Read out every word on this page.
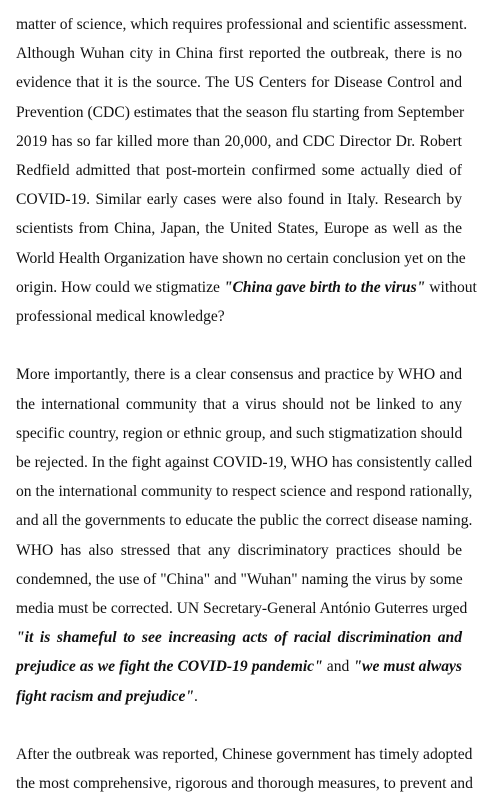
matter of science, which requires professional and scientific assessment.
Although Wuhan city in China first reported the outbreak, there is no
evidence that it is the source. The US Centers for Disease Control and
Prevention (CDC) estimates that the season flu starting from September
2019 has so far killed more than 20,000, and CDC Director Dr. Robert
Redfield admitted that post-mortein confirmed some actually died of
COVID-19. Similar early cases were also found in Italy. Research by
scientists from China, Japan, the United States, Europe as well as the
World Health Organization have shown no certain conclusion yet on the
origin. How could we stigmatize "China gave birth to the virus" without
professional medical knowledge?
More importantly, there is a clear consensus and practice by WHO and
the international community that a virus should not be linked to any
specific country, region or ethnic group, and such stigmatization should
be rejected. In the fight against COVID-19, WHO has consistently called
on the international community to respect science and respond rationally,
and all the governments to educate the public the correct disease naming.
WHO has also stressed that any discriminatory practices should be
condemned, the use of "China" and "Wuhan" naming the virus by some
media must be corrected. UN Secretary-General António Guterres urged
"it is shameful to see increasing acts of racial discrimination and
prejudice as we fight the COVID-19 pandemic" and "we must always
fight racism and prejudice".
After the outbreak was reported, Chinese government has timely adopted
the most comprehensive, rigorous and thorough measures, to prevent and
